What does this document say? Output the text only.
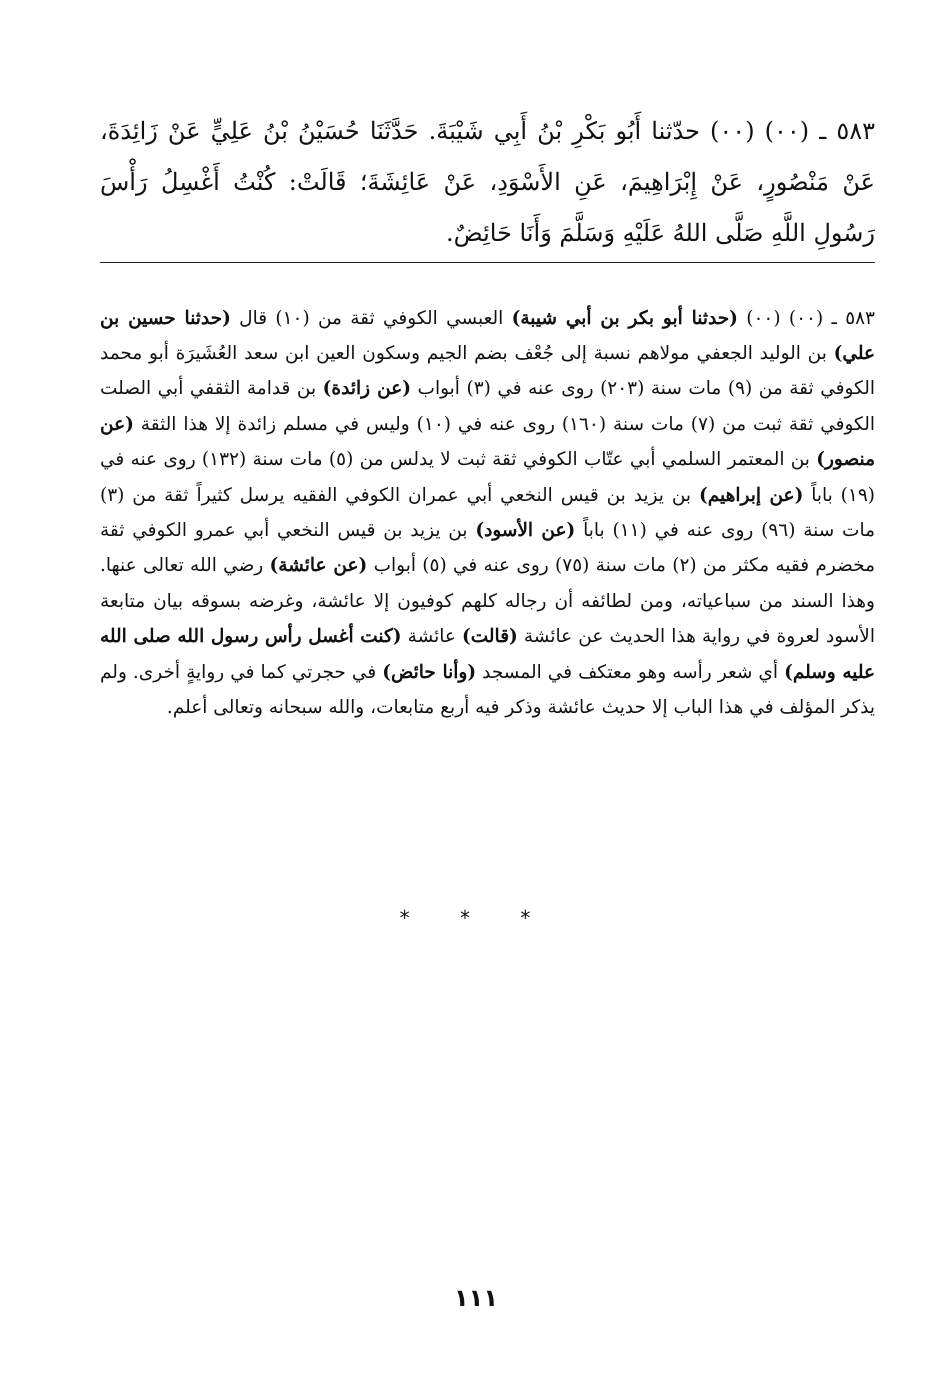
٥٨٣ ـ (٠٠) (٠٠) حدّثنا أَبُو بَكْرِ بْنُ أَبِي شَيْبَةَ. حَدَّثَنَا حُسَيْنُ بْنُ عَلِيٍّ عَنْ زَائِدَةَ، عَنْ مَنْصُورٍ، عَنْ إِبْرَاهِيمَ، عَنِ الأَسْوَدِ، عَنْ عَائِشَةَ؛ قَالَتْ: كُنْتُ أَغْسِلُ رَأْسَ رَسُولِ اللَّهِ صَلَّى اللهُ عَلَيْهِ وَسَلَّمَ وَأَنَا حَائِضٌ.

٥٨٣ ـ (٠٠) (٠٠) (حدثنا أبو بكر بن أبي شيبة) العبسي الكوفي ثقة من (١٠) قال (حدثنا حسين بن علي) بن الوليد الجعفي مولاهم نسبة إلى جُعْف بضم الجيم وسكون العين ابن سعد العُشَيرَة أبو محمد الكوفي ثقة من (٩) مات سنة (٢٠٣) روى عنه في (٣) أبواب (عن زائدة) بن قدامة الثقفي أبي الصلت الكوفي ثقة ثبت من (٧) مات سنة (١٦٠) روى عنه في (١٠) وليس في مسلم زائدة إلا هذا الثقة (عن منصور) بن المعتمر السلمي أبي عتّاب الكوفي ثقة ثبت لا يدلس من (٥) مات سنة (١٣٢) روى عنه في (١٩) باباً (عن إبراهيم) بن يزيد بن قيس النخعي أبي عمران الكوفي الفقيه يرسل كثيراً ثقة من (٣) مات سنة (٩٦) روى عنه في (١١) باباً (عن الأسود) بن يزيد بن قيس النخعي أبي عمرو الكوفي ثقة مخضرم فقيه مكثر من (٢) مات سنة (٧٥) روى عنه في (٥) أبواب (عن عائشة) رضي الله تعالى عنها. وهذا السند من سباعياته، ومن لطائفه أن رجاله كلهم كوفيون إلا عائشة، وغرضه بسوقه بيان متابعة الأسود لعروة في رواية هذا الحديث عن عائشة (قالت) عائشة (كنت أغسل رأس رسول الله صلى الله عليه وسلم) أي شعر رأسه وهو معتكف في المسجد (وأنا حائض) في حجرتي كما في روايةٍ أخرى. ولم يذكر المؤلف في هذا الباب إلا حديث عائشة وذكر فيه أربع متابعات، والله سبحانه وتعالى أعلم.

* * *
١١١
